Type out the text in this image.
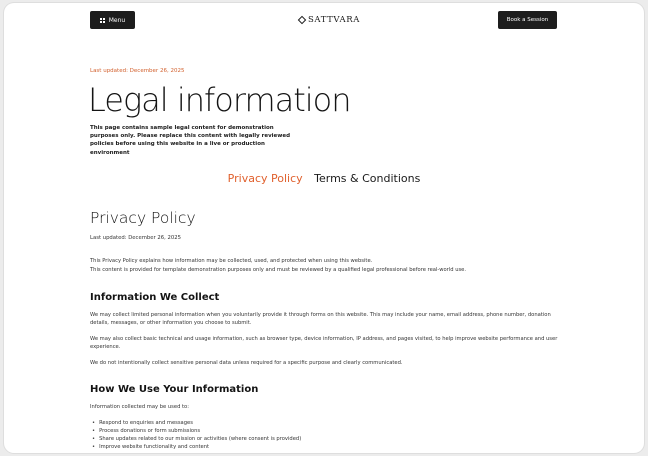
Menu	SATTVARA	Book a Session
Last updated: December 26, 2025
Legal information

This page contains sample legal content for demonstration purposes only. Please replace this content with legally reviewed policies before using this website in a live or production environment

Privacy Policy Terms & Conditions
Privacy Policy
Last updated: December 26, 2025

This Privacy Policy explains how information may be collected, used, and protected when using this website.

This content is provided for template demonstration purposes only and must be reviewed by a qualified legal professional before real-world use.

Information We Collect

We may collect limited personal information when you voluntarily provide it through forms on this website. This may include your name, email address, phone number, donation details, messages, or other information you choose to submit.

We may also collect basic technical and usage information, such as browser type, device information, IP address, and pages visited, to help improve website performance and user experience.

We do not intentionally collect sensitive personal data unless required for a specific purpose and clearly communicated.

How We Use Your Information

Information collected may be used to:

• Respond to enquiries and messages
• Process donations or form submissions
• Share updates related to our mission or activities (where consent is provided)
• Improve website functionality and content
